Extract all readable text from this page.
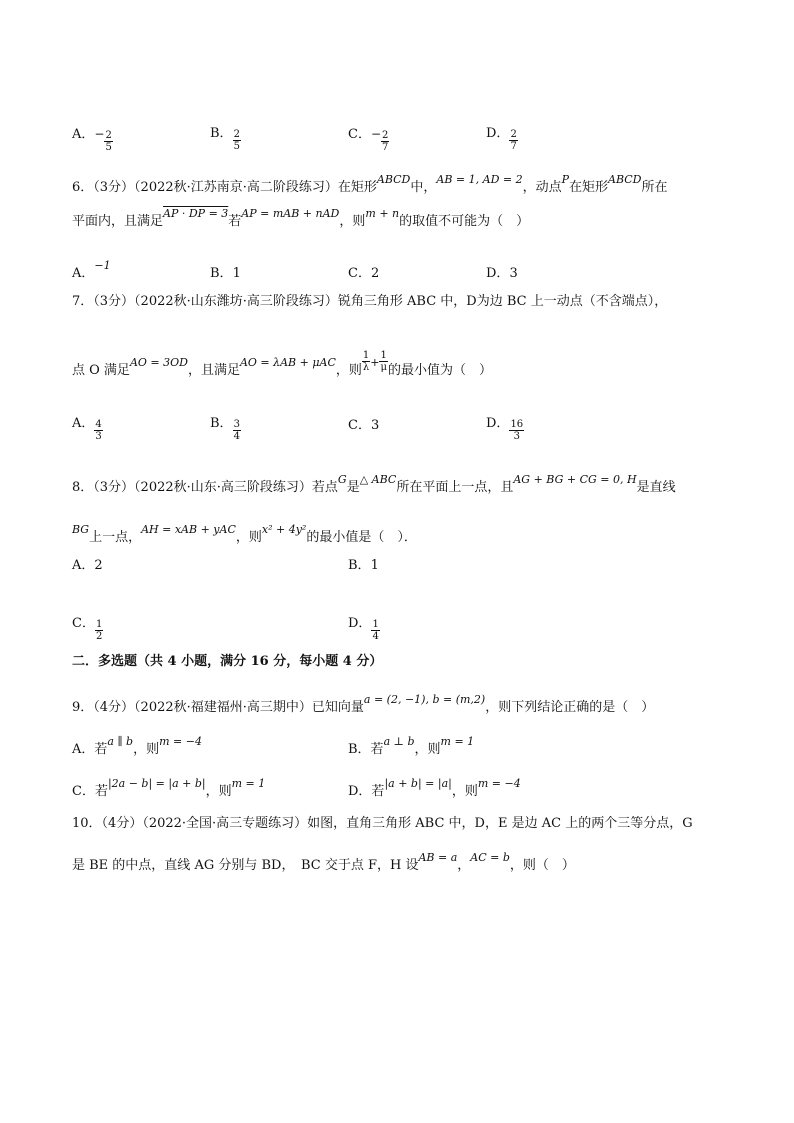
A．− $\frac{2}{5}$	B． $\frac{2}{5}$	C．− $\frac{2}{7}$	D． $\frac{2}{7}$
6．（3分）（2022秋·江苏南京·高二阶段练习）在矩形$^{ABCD}$中，$^{AB = 1, AD = 2}$，动点$^P$在矩形$^{ABCD}$所在
平面内，且满足$^{AP \cdot DP = 3}$若$^{AP = mAB + nAD}$，则$^{m + n}$的取值不可能为（　）
A．$^{-1}$
B．1	C．2	D．3
7．（3分）（2022秋·山东潍坊·高三阶段练习）锐角三角形 ABC 中，D为边 BC 上一动点（不含端点），
点 O 满足$^{AO = 3OD}$，且满足$^{AO = \lambda AB + \mu AC}$，则 $\frac{1}{\lambda} ^+ \frac{1}{\mu}$ 的最小值为（　）
A． $\frac{4}{3}$	B． $\frac{3}{4}$	C．3	D． $\frac{16}{3}$
8．（3分）（2022秋·山东·高三阶段练习）若点$^G$是$^{\triangle ABC}$所在平面上一点，且$^{AG + BG + CG = 0, H}$是直线
$^{BG}$上一点，$^{AH = xAB + yAC}$，则$^{x^2 + 4y^2}$的最小值是（　）．
A．2	B．1
C． $\frac{1}{2}$	D． $\frac{1}{4}$
二．多选题（共 4 小题，满分 16 分，每小题 4 分）
9．（4分）（2022秋·福建福州·高三期中）已知向量$^{a = (2, -1), b = (m,2)}$，则下列结论正确的是（　）
A．若$^{a \parallel b}$，则$^{m = -4}$
B．若$^{a \perp b}$，则$^{m = 1}$
C．若$^{|2a - b| = |a + b|}$，则$^{m = 1}$
D．若$^{|a + b| = |a|}$，则$^{m = -4}$
10．（4分）（2022·全国·高三专题练习）如图，直角三角形 ABC 中，D，E 是边 AC 上的两个三等分点，G
是 BE 的中点，直线 AG 分别与 BD，　BC 交于点 F，H 设$^{AB = a}$，$^{AC = b}$，则（　）
